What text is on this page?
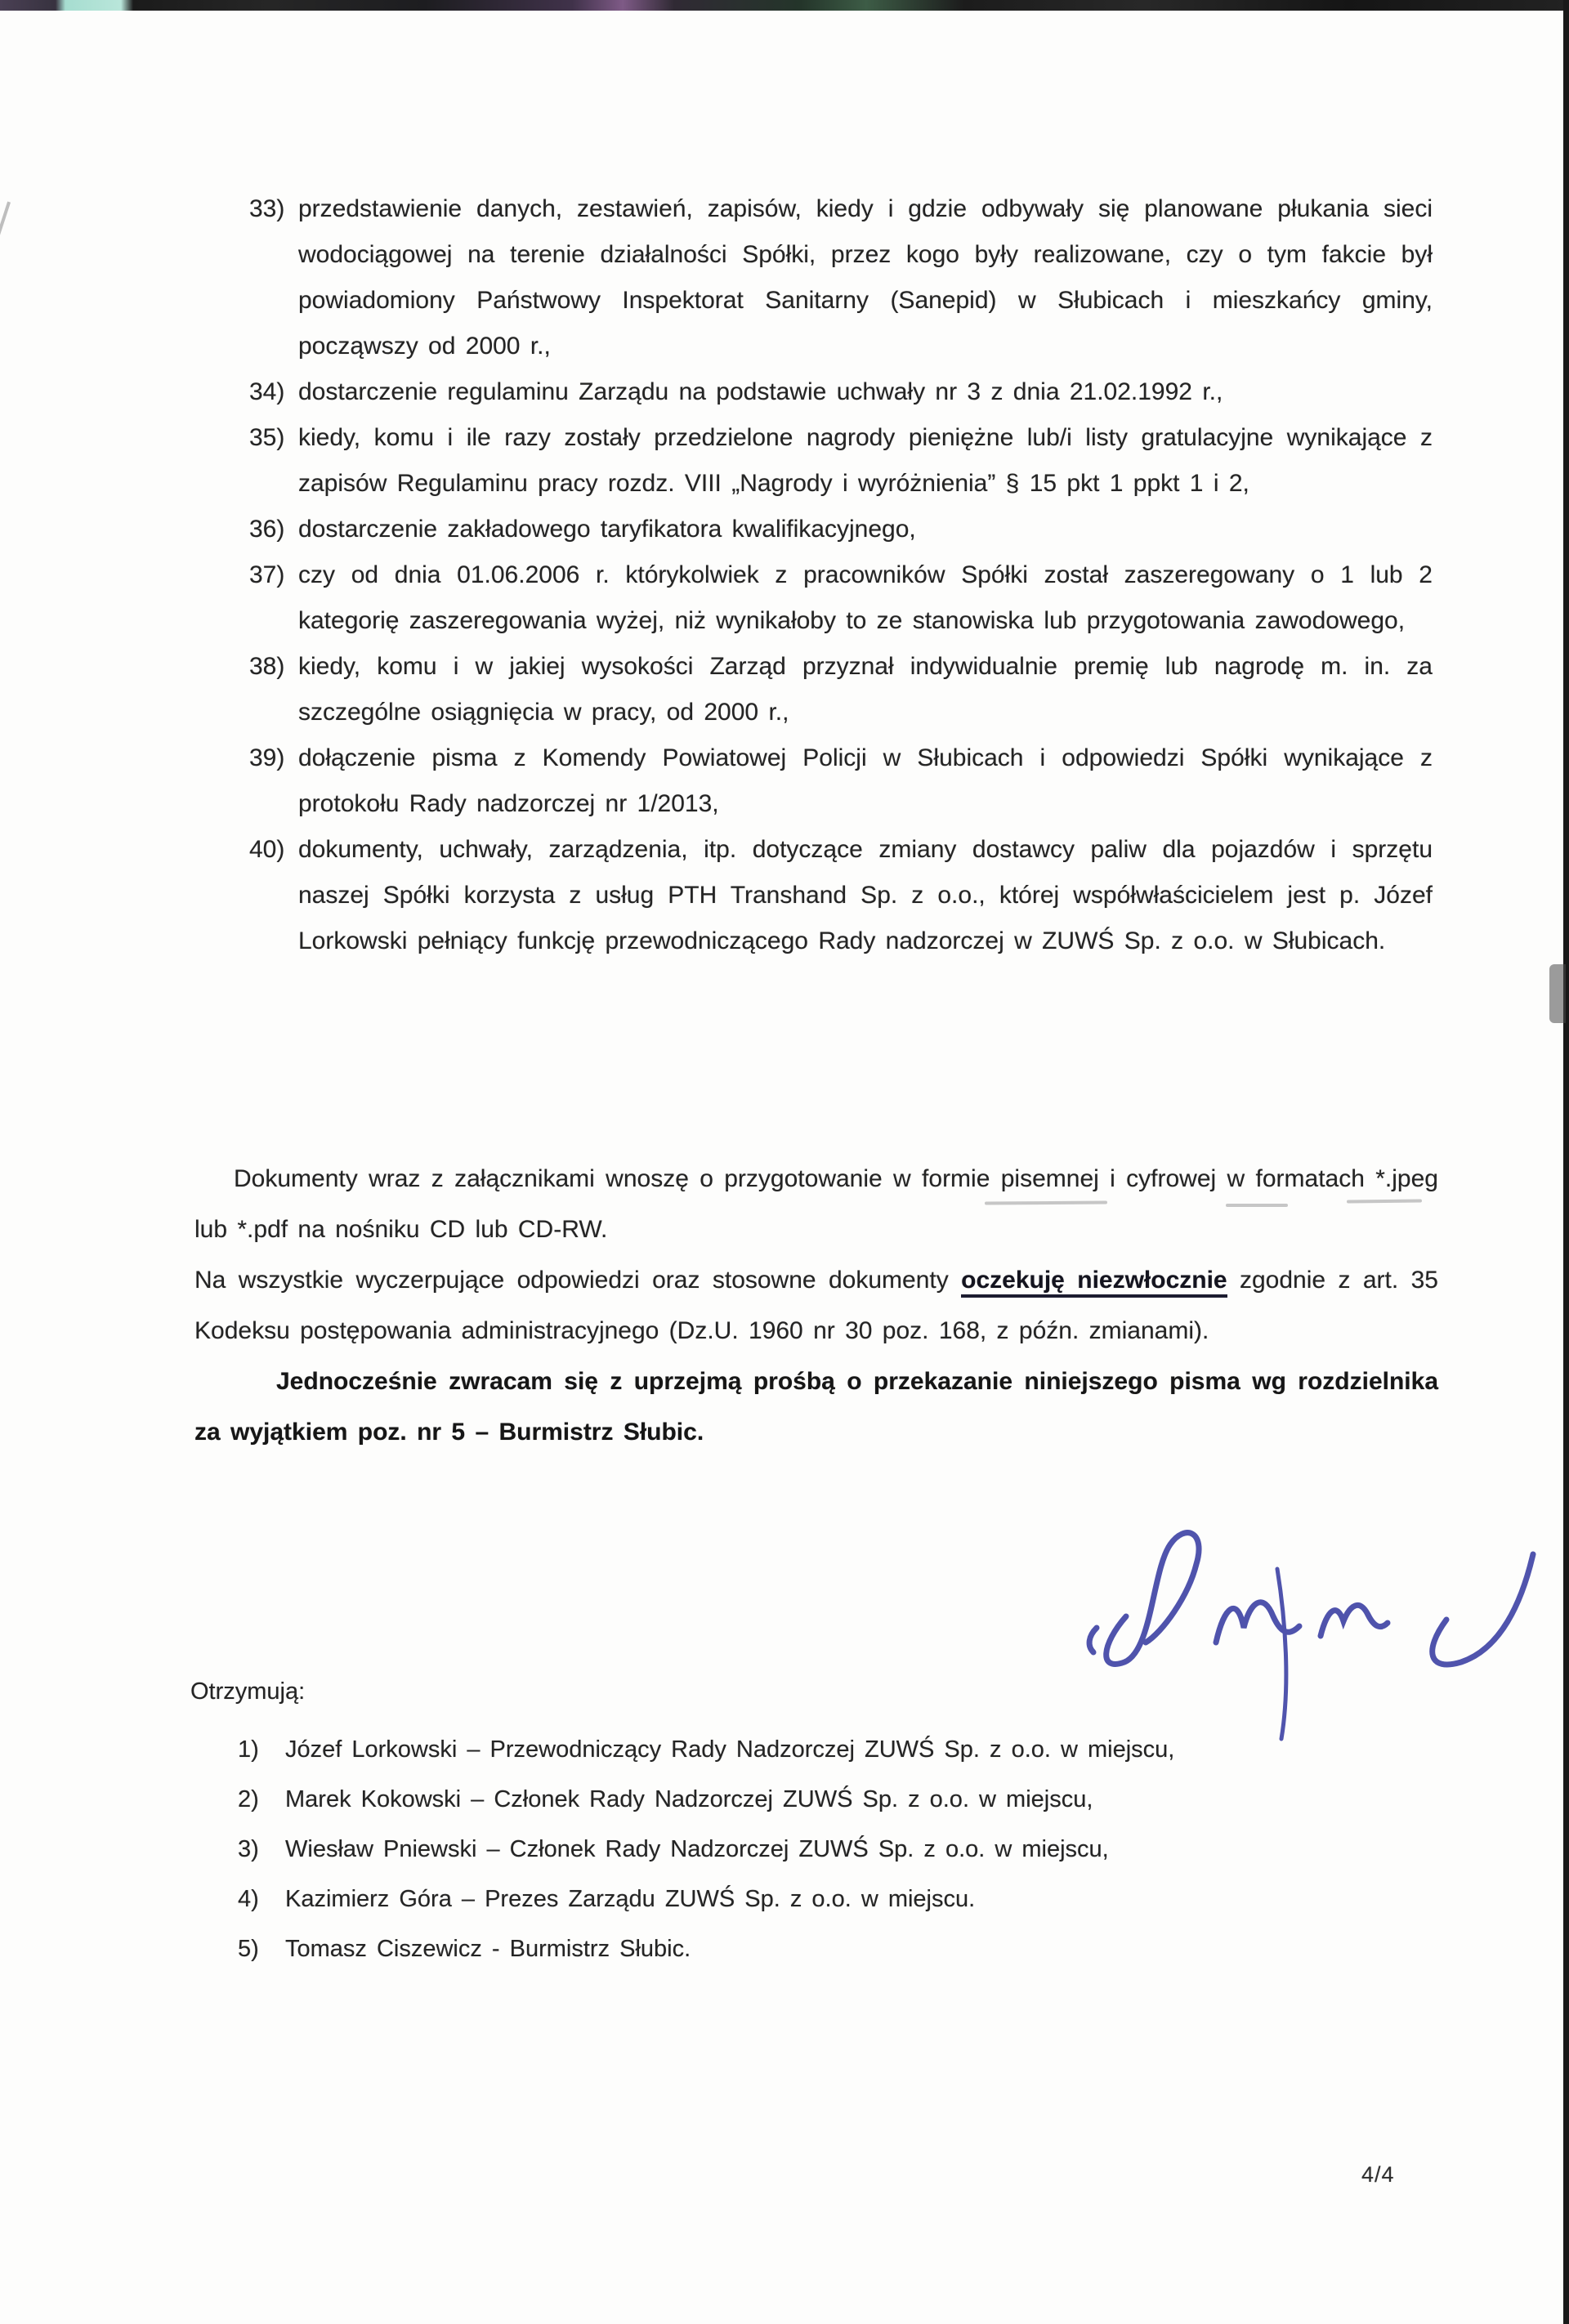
33) przedstawienie danych, zestawień, zapisów, kiedy i gdzie odbywały się planowane płukania sieci wodociągowej na terenie działalności Spółki, przez kogo były realizowane, czy o tym fakcie był powiadomiony Państwowy Inspektorat Sanitarny (Sanepid) w Słubicach i mieszkańcy gminy, począwszy od 2000 r.,
34) dostarczenie regulaminu Zarządu na podstawie uchwały nr 3 z dnia 21.02.1992 r.,
35) kiedy, komu i ile razy zostały przedzielone nagrody pieniężne lub/i listy gratulacyjne wynikające z zapisów Regulaminu pracy rozdz. VIII „Nagrody i wyróżnienia” § 15 pkt 1 ppkt 1 i 2,
36) dostarczenie zakładowego taryfikatora kwalifikacyjnego,
37) czy od dnia 01.06.2006 r. którykolwiek z pracowników Spółki został zaszeregowany o 1 lub 2 kategorię zaszeregowania wyżej, niż wynikałoby to ze stanowiska lub przygotowania zawodowego,
38) kiedy, komu i w jakiej wysokości Zarząd przyznał indywidualnie premię lub nagrodę m. in. za szczególne osiągnięcia w pracy, od 2000 r.,
39) dołączenie pisma z Komendy Powiatowej Policji w Słubicach i odpowiedzi Spółki wynikające z protokołu Rady nadzorczej nr 1/2013,
40) dokumenty, uchwały, zarządzenia, itp. dotyczące zmiany dostawcy paliw dla pojazdów i sprzętu naszej Spółki korzysta z usług PTH Transhand Sp. z o.o., której współwłaścicielem jest p. Józef Lorkowski pełniący funkcję przewodniczącego Rady nadzorczej w ZUWŚ Sp. z o.o. w Słubicach.

Dokumenty wraz z załącznikami wnoszę o przygotowanie w formie pisemnej i cyfrowej w formatach *.jpeg lub *.pdf na nośniku CD lub CD-RW.

Na wszystkie wyczerpujące odpowiedzi oraz stosowne dokumenty oczekuję niezwłocznie zgodnie z art. 35 Kodeksu postępowania administracyjnego (Dz.U. 1960 nr 30 poz. 168, z późn. zmianami).

Jednocześnie zwracam się z uprzejmą prośbą o przekazanie niniejszego pisma wg rozdzielnika za wyjątkiem poz. nr 5 – Burmistrz Słubic.

Otrzymują:
1) Józef Lorkowski – Przewodniczący Rady Nadzorczej ZUWŚ Sp. z o.o. w miejscu,
2) Marek Kokowski – Członek Rady Nadzorczej ZUWŚ Sp. z o.o. w miejscu,
3) Wiesław Pniewski – Członek Rady Nadzorczej ZUWŚ Sp. z o.o. w miejscu,
4) Kazimierz Góra – Prezes Zarządu ZUWŚ Sp. z o.o. w miejscu.
5) Tomasz Ciszewicz - Burmistrz Słubic.
4/4
